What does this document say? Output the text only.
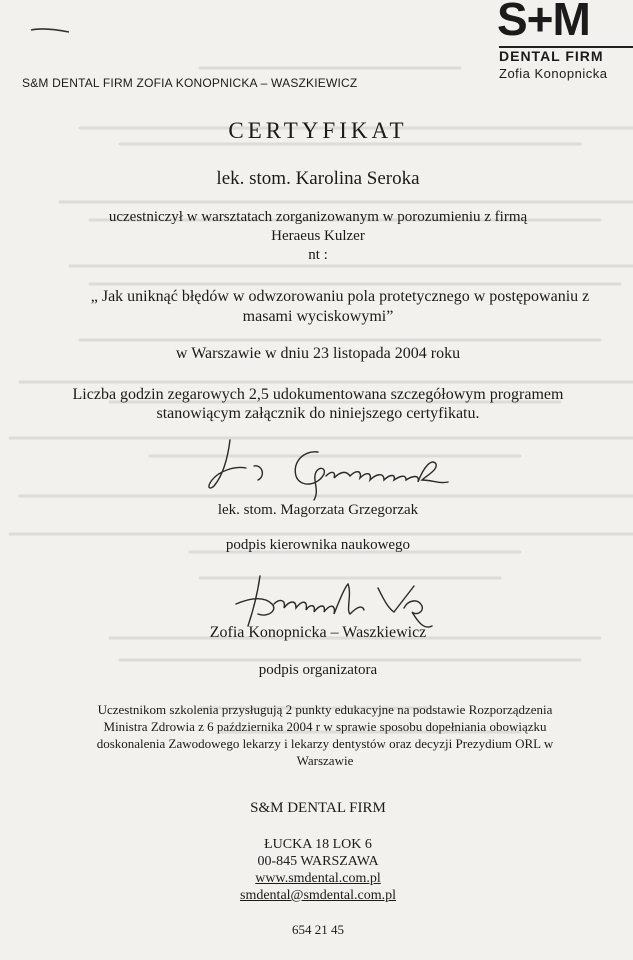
S+M
DENTAL FIRM
Zofia Konopnicka
S&M DENTAL FIRM ZOFIA KONOPNICKA – WASZKIEWICZ
CERTYFIKAT
lek. stom. Karolina Seroka
uczestniczył w warsztatach zorganizowanym w porozumieniu z firmą
Heraeus Kulzer
nt :
„ Jak uniknąć błędów w odwzorowaniu pola protetycznego w postępowaniu z
masami wyciskowymi”
w Warszawie w dniu 23 listopada 2004 roku
Liczba godzin zegarowych 2,5 udokumentowana szczegółowym programem
stanowiącym załącznik do niniejszego certyfikatu.
lek. stom. Magorzata Grzegorzak
podpis kierownika naukowego
Zofia Konopnicka – Waszkiewicz
podpis organizatora
Uczestnikom szkolenia przysługują 2 punkty edukacyjne na podstawie Rozporządzenia
Ministra Zdrowia z 6 października 2004 r w sprawie sposobu dopełniania obowiązku
doskonalenia Zawodowego lekarzy i lekarzy dentystów oraz decyzji Prezydium ORL w
Warszawie
S&M DENTAL FIRM
ŁUCKA 18 LOK 6
00-845 WARSZAWA
www.smdental.com.pl
smdental@smdental.com.pl
654 21 45
